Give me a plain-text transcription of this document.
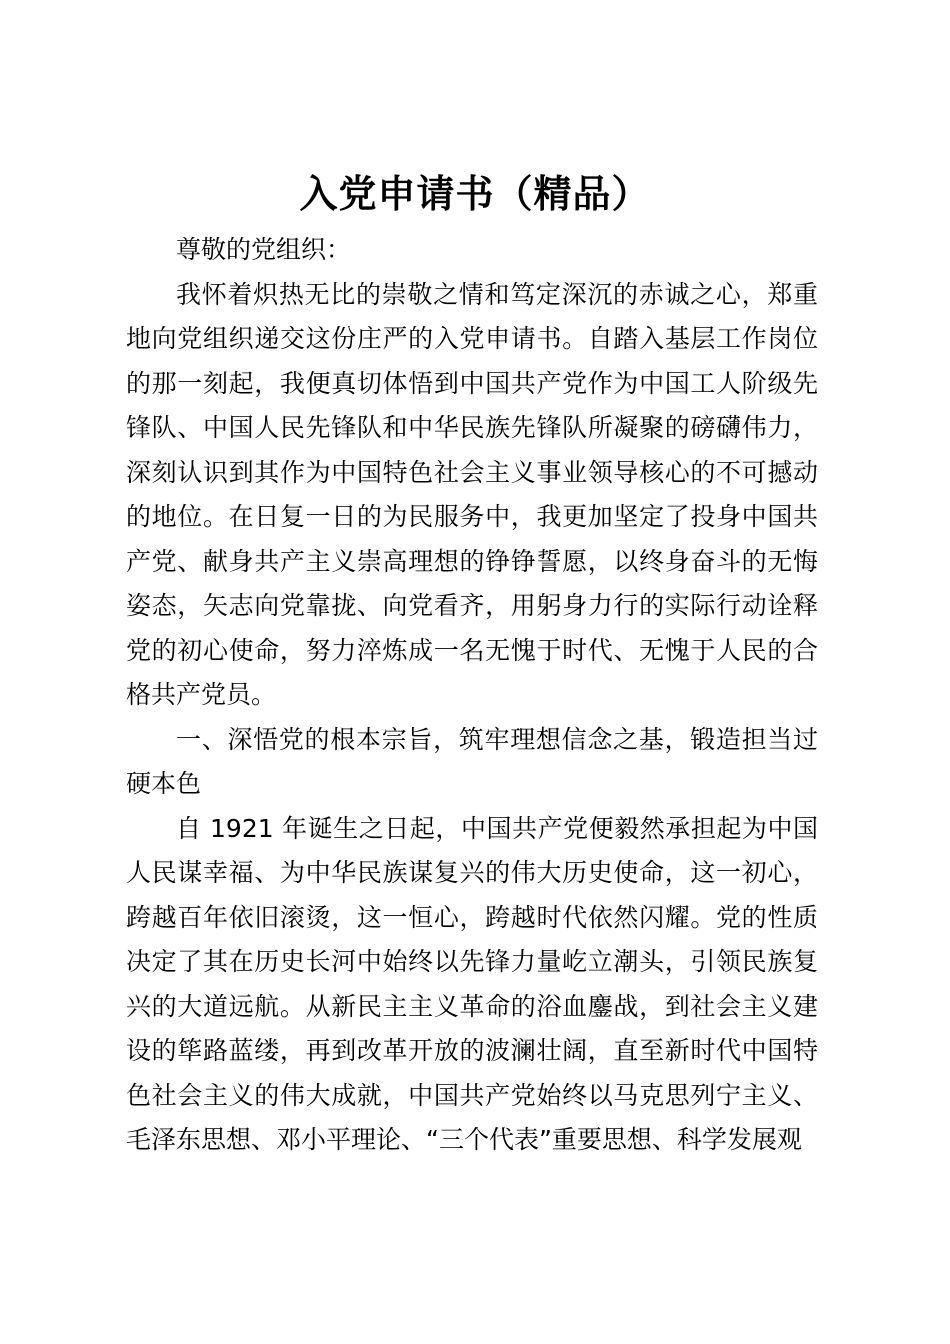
入党申请书（精品）

尊敬的党组织：

我怀着炽热无比的崇敬之情和笃定深沉的赤诚之心，郑重地向党组织递交这份庄严的入党申请书。自踏入基层工作岗位的那一刻起，我便真切体悟到中国共产党作为中国工人阶级先锋队、中国人民先锋队和中华民族先锋队所凝聚的磅礴伟力，深刻认识到其作为中国特色社会主义事业领导核心的不可撼动的地位。在日复一日的为民服务中，我更加坚定了投身中国共产党、献身共产主义崇高理想的铮铮誓愿，以终身奋斗的无悔姿态，矢志向党靠拢、向党看齐，用躬身力行的实际行动诠释党的初心使命，努力淬炼成一名无愧于时代、无愧于人民的合格共产党员。

一、深悟党的根本宗旨，筑牢理想信念之基，锻造担当过硬本色

自 1921 年诞生之日起，中国共产党便毅然承担起为中国人民谋幸福、为中华民族谋复兴的伟大历史使命，这一初心，跨越百年依旧滚烫，这一恒心，跨越时代依然闪耀。党的性质决定了其在历史长河中始终以先锋力量屹立潮头，引领民族复兴的大道远航。从新民主主义革命的浴血鏖战，到社会主义建设的筚路蓝缕，再到改革开放的波澜壮阔，直至新时代中国特色社会主义的伟大成就，中国共产党始终以马克思列宁主义、毛泽东思想、邓小平理论、“三个代表”重要思想、科学发展观
